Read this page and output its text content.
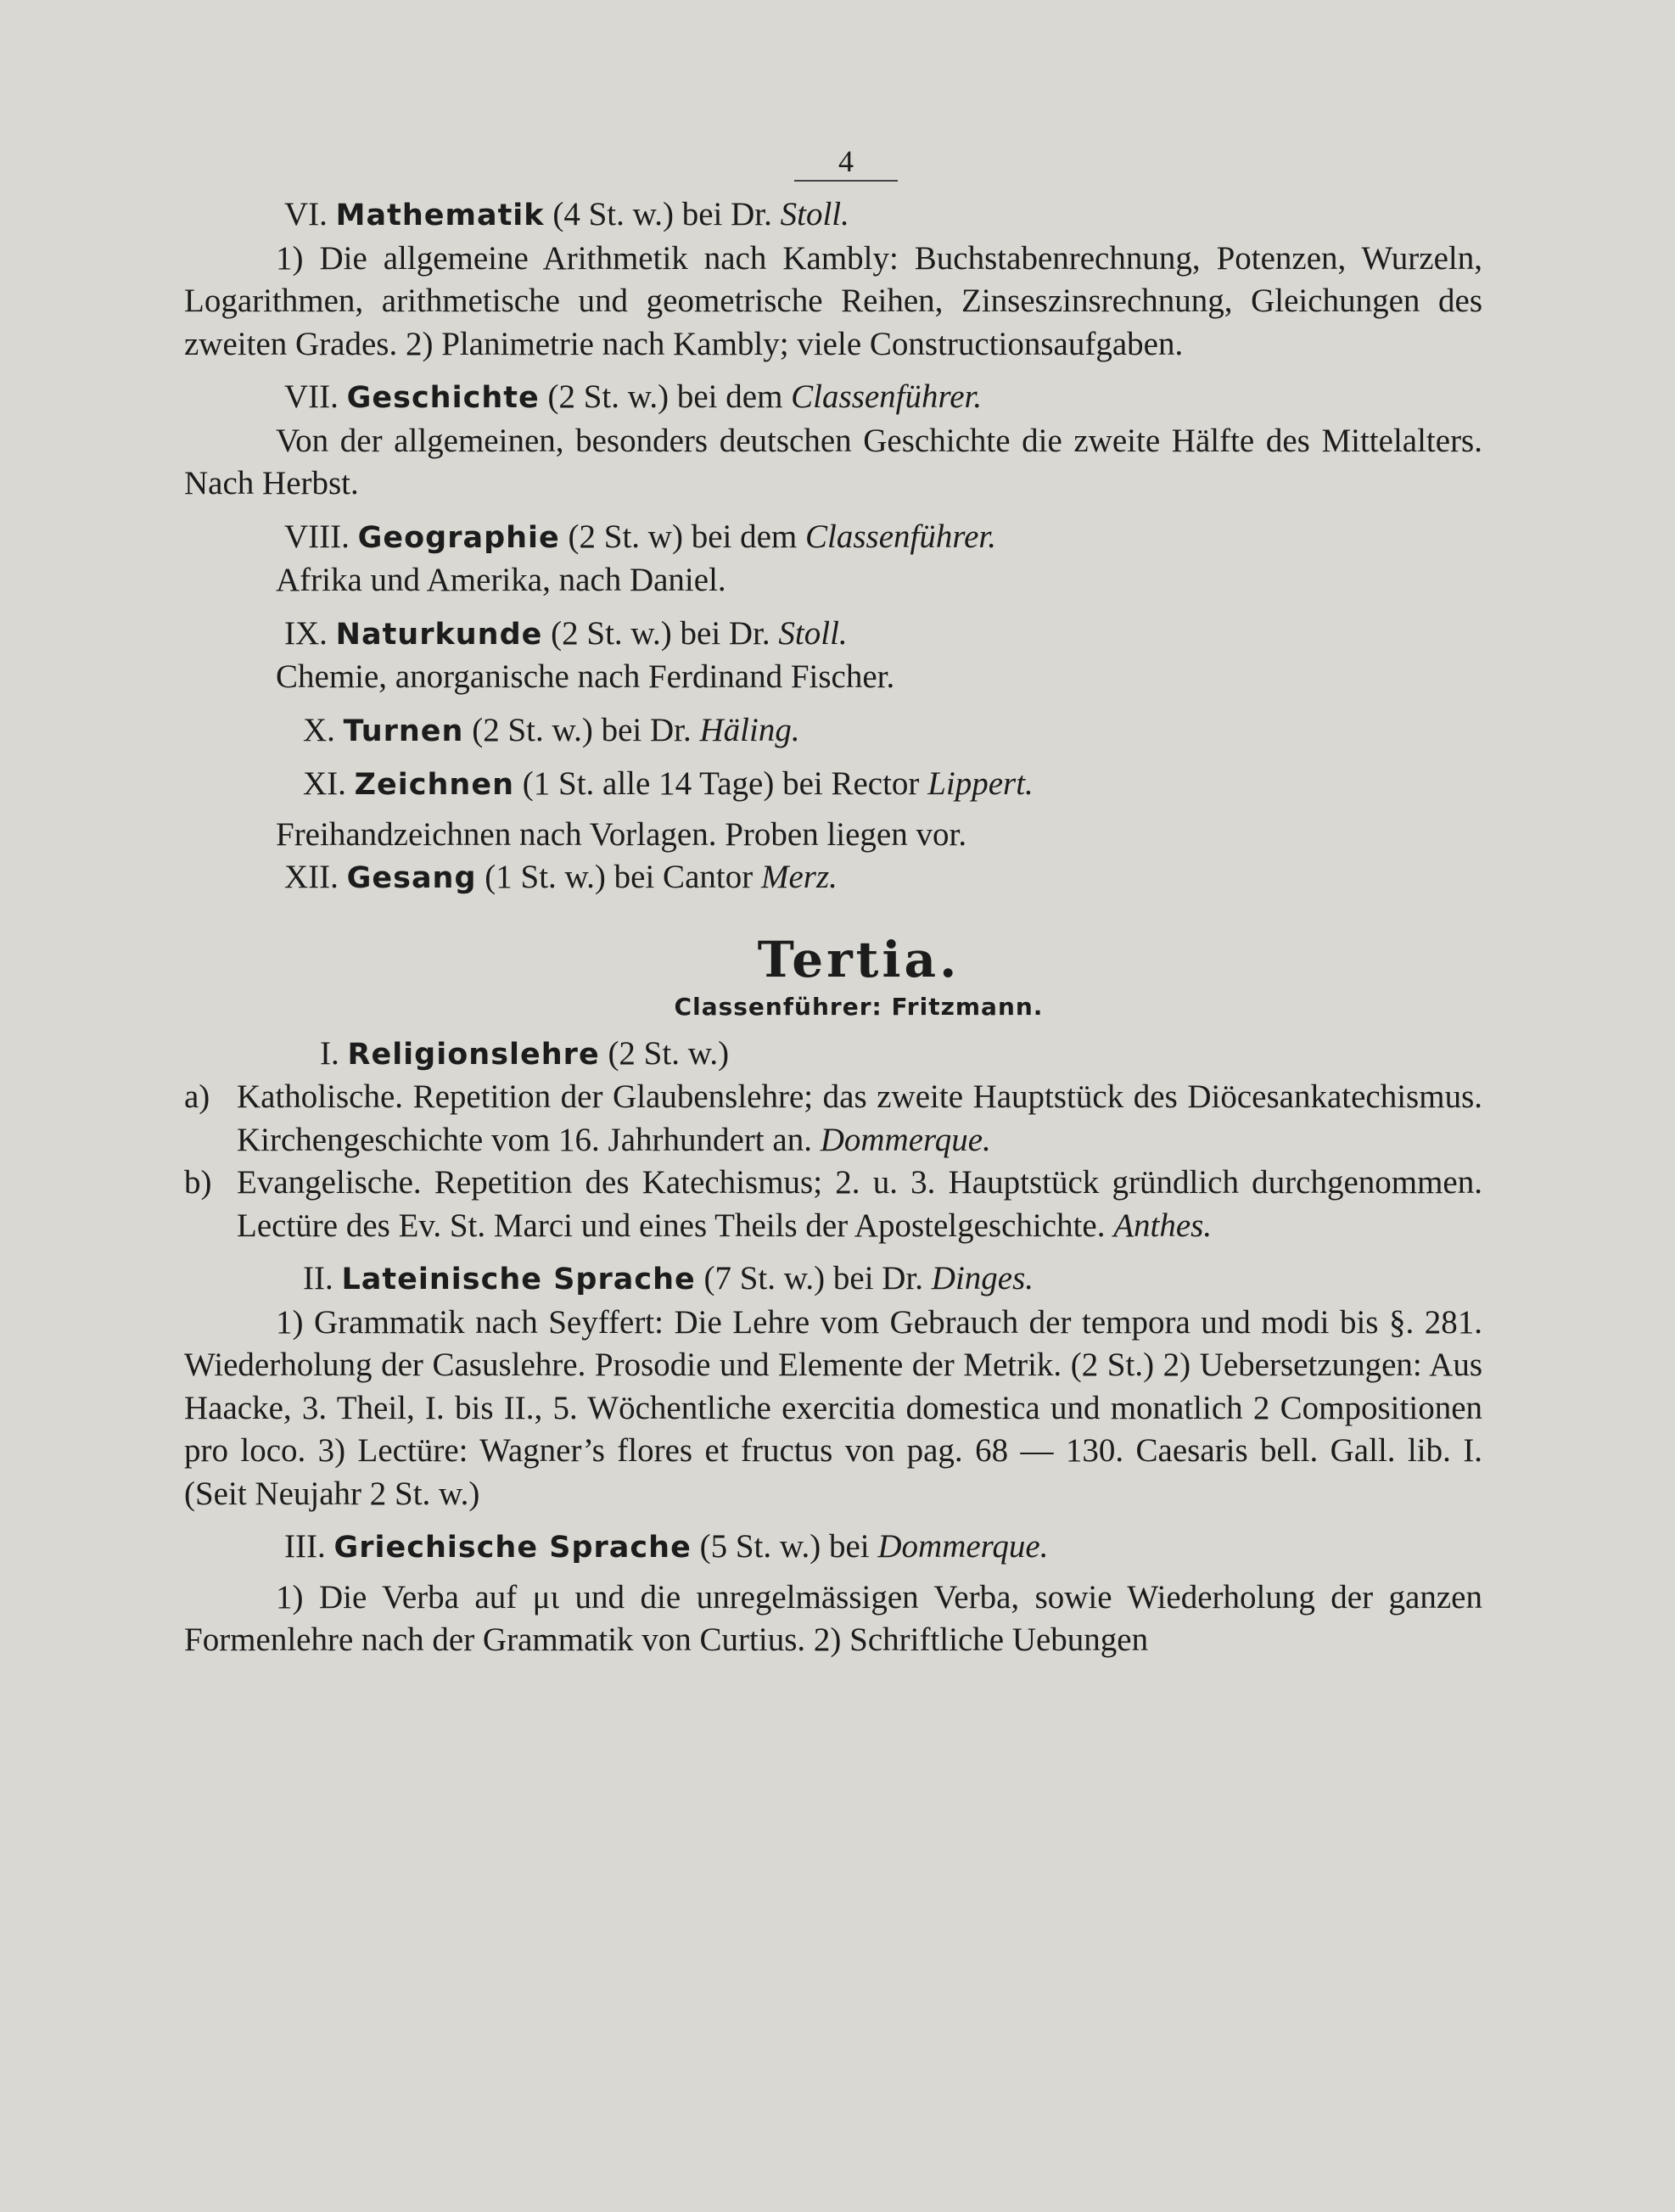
4

VI. Mathematik (4 St. w.) bei Dr. Stoll.

1) Die allgemeine Arithmetik nach Kambly: Buchstabenrechnung, Potenzen, Wurzeln, Logarithmen, arithmetische und geometrische Reihen, Zinseszinsrechnung, Gleichungen des zweiten Grades. 2) Planimetrie nach Kambly; viele Constructionsaufgaben.

VII. Geschichte (2 St. w.) bei dem Classenführer.

Von der allgemeinen, besonders deutschen Geschichte die zweite Hälfte des Mittelalters. Nach Herbst.

VIII. Geographie (2 St. w) bei dem Classenführer.

Afrika und Amerika, nach Daniel.

IX. Naturkunde (2 St. w.) bei Dr. Stoll.

Chemie, anorganische nach Ferdinand Fischer.

X. Turnen (2 St. w.) bei Dr. Häling.

XI. Zeichnen (1 St. alle 14 Tage) bei Rector Lippert.

Freihandzeichnen nach Vorlagen. Proben liegen vor.

XII. Gesang (1 St. w.) bei Cantor Merz.

Tertia.
Classenführer: Fritzmann.

I. Religionslehre (2 St. w.)

a) Katholische. Repetition der Glaubenslehre; das zweite Hauptstück des Diöcesankatechismus. Kirchengeschichte vom 16. Jahrhundert an. Dommerque.
b) Evangelische. Repetition des Katechismus; 2. u. 3. Hauptstück gründlich durchgenommen. Lectüre des Ev. St. Marci und eines Theils der Apostelgeschichte. Anthes.

II. Lateinische Sprache (7 St. w.) bei Dr. Dinges.

1) Grammatik nach Seyffert: Die Lehre vom Gebrauch der tempora und modi bis §. 281. Wiederholung der Casuslehre. Prosodie und Elemente der Metrik. (2 St.) 2) Uebersetzungen: Aus Haacke, 3. Theil, I. bis II., 5. Wöchentliche exercitia domestica und monatlich 2 Compositionen pro loco. 3) Lectüre: Wagner’s flores et fructus von pag. 68 — 130. Caesaris bell. Gall. lib. I. (Seit Neujahr 2 St. w.)

III. Griechische Sprache (5 St. w.) bei Dommerque.

1) Die Verba auf μι und die unregelmässigen Verba, sowie Wiederholung der ganzen Formenlehre nach der Grammatik von Curtius. 2) Schriftliche Uebungen
